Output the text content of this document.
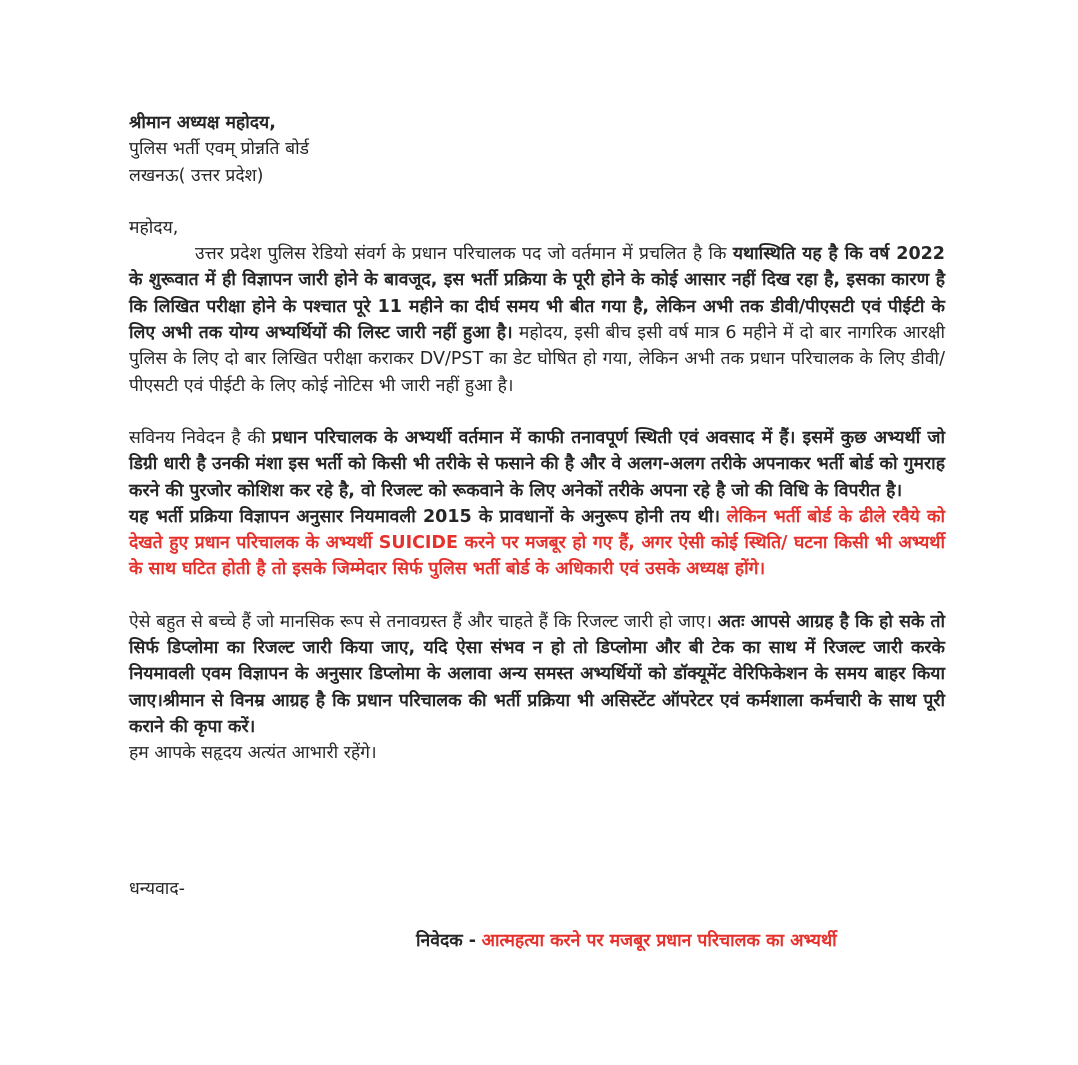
श्रीमान अध्यक्ष महोदय,
पुलिस भर्ती एवम् प्रोन्नति बोर्ड
लखनऊ( उत्तर प्रदेश)
महोदय,
उत्तर प्रदेश पुलिस रेडियो संवर्ग के प्रधान परिचालक पद जो वर्तमान में प्रचलित है कि यथास्थिति यह है कि वर्ष 2022 के शुरूवात में ही विज्ञापन जारी होने के बावजूद, इस भर्ती प्रक्रिया के पूरी होने के कोई आसार नहीं दिख रहा है, इसका कारण है कि लिखित परीक्षा होने के पश्चात पूरे 11 महीने का दीर्घ समय भी बीत गया है, लेकिन अभी तक डीवी/पीएसटी एवं पीईटी के लिए अभी तक योग्य अभ्यर्थियों की लिस्ट जारी नहीं हुआ है। महोदय, इसी बीच इसी वर्ष मात्र 6 महीने में दो बार नागरिक आरक्षी पुलिस के लिए दो बार लिखित परीक्षा कराकर DV/PST का डेट घोषित हो गया, लेकिन अभी तक प्रधान परिचालक के लिए डीवी/पीएसटी एवं पीईटी के लिए कोई नोटिस भी जारी नहीं हुआ है।
सविनय निवेदन है की प्रधान परिचालक के अभ्यर्थी वर्तमान में काफी तनावपूर्ण स्थिती एवं अवसाद में हैं। इसमें कुछ अभ्यर्थी जो डिग्री धारी है उनकी मंशा इस भर्ती को किसी भी तरीके से फसाने की है और वे अलग-अलग तरीके अपनाकर भर्ती बोर्ड को गुमराह करने की पुरजोर कोशिश कर रहे है, वो रिजल्ट को रूकवाने के लिए अनेकों तरीके अपना रहे है जो की विधि के विपरीत है।
यह भर्ती प्रक्रिया विज्ञापन अनुसार नियमावली 2015 के प्रावधानों के अनुरूप होनी तय थी। लेकिन भर्ती बोर्ड के ढीले रवैये को देखते हुए प्रधान परिचालक के अभ्यर्थी SUICIDE करने पर मजबूर हो गए हैं, अगर ऐसी कोई स्थिति/ घटना किसी भी अभ्यर्थी के साथ घटित होती है तो इसके जिम्मेदार सिर्फ पुलिस भर्ती बोर्ड के अधिकारी एवं उसके अध्यक्ष होंगे।
ऐसे बहुत से बच्चे हैं जो मानसिक रूप से तनावग्रस्त हैं और चाहते हैं कि रिजल्ट जारी हो जाए। अतः आपसे आग्रह है कि हो सके तो सिर्फ डिप्लोमा का रिजल्ट जारी किया जाए, यदि ऐसा संभव न हो तो डिप्लोमा और बी टेक का साथ में रिजल्ट जारी करके नियमावली एवम विज्ञापन के अनुसार डिप्लोमा के अलावा अन्य समस्त अभ्यर्थियों को डॉक्यूमेंट वेरिफिकेशन के समय बाहर किया जाए।श्रीमान से विनम्र आग्रह है कि प्रधान परिचालक की भर्ती प्रक्रिया भी असिस्टेंट ऑपरेटर एवं कर्मशाला कर्मचारी के साथ पूरी कराने की कृपा करें।
हम आपके सहृदय अत्यंत आभारी रहेंगे।
धन्यवाद-
निवेदक - आत्महत्या करने पर मजबूर प्रधान परिचालक का अभ्यर्थी
